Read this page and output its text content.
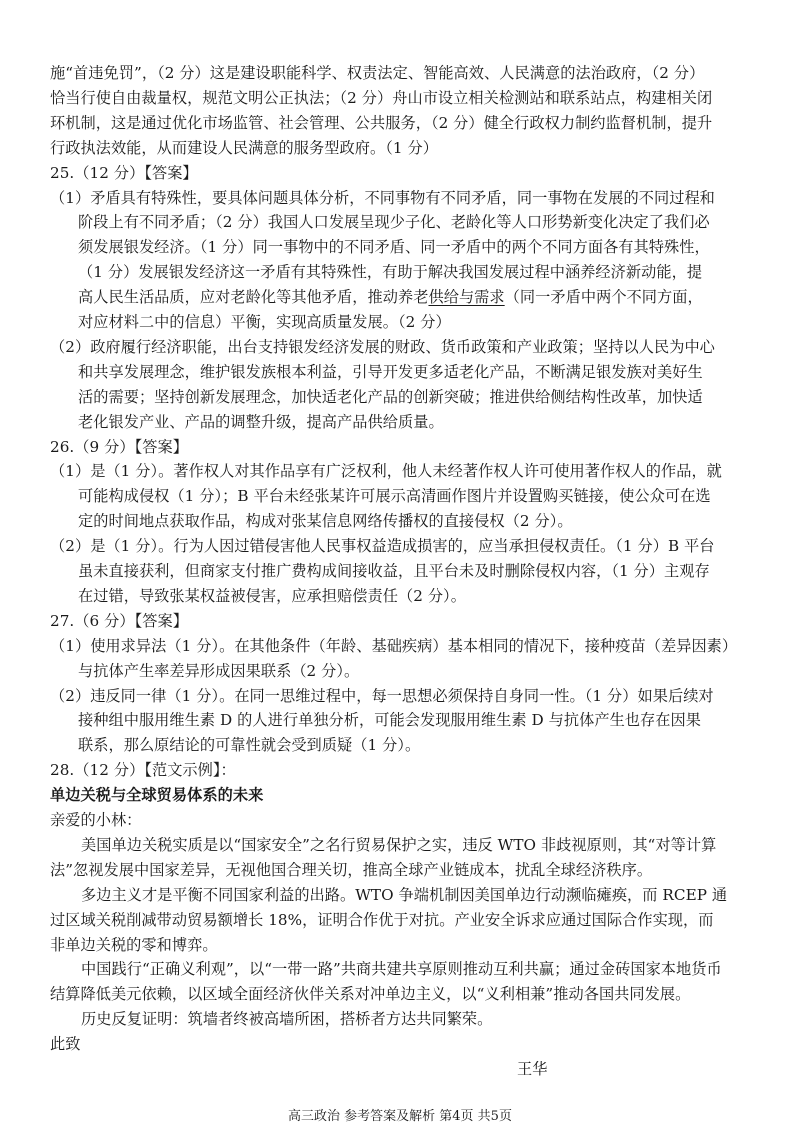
施“首违免罚”，（2 分）这是建设职能科学、权责法定、智能高效、人民满意的法治政府，（2 分）
恰当行使自由裁量权，规范文明公正执法；（2 分）舟山市设立相关检测站和联系站点，构建相关闭
环机制，这是通过优化市场监管、社会管理、公共服务，（2 分）健全行政权力制约监督机制，提升
行政执法效能，从而建设人民满意的服务型政府。（1 分）
25.（12 分）【答案】
（1）矛盾具有特殊性，要具体问题具体分析，不同事物有不同矛盾，同一事物在发展的不同过程和
阶段上有不同矛盾；（2 分）我国人口发展呈现少子化、老龄化等人口形势新变化决定了我们必
须发展银发经济。（1 分）同一事物中的不同矛盾、同一矛盾中的两个不同方面各有其特殊性，
（1 分）发展银发经济这一矛盾有其特殊性，有助于解决我国发展过程中涵养经济新动能，提
高人民生活品质，应对老龄化等其他矛盾，推动养老供给与需求（同一矛盾中两个不同方面，
对应材料二中的信息）平衡，实现高质量发展。（2 分）
（2）政府履行经济职能，出台支持银发经济发展的财政、货币政策和产业政策；坚持以人民为中心
和共享发展理念，维护银发族根本利益，引导开发更多适老化产品，不断满足银发族对美好生
活的需要；坚持创新发展理念，加快适老化产品的创新突破；推进供给侧结构性改革，加快适
老化银发产业、产品的调整升级，提高产品供给质量。
26.（9 分）【答案】
（1）是（1 分）。著作权人对其作品享有广泛权利，他人未经著作权人许可使用著作权人的作品，就
可能构成侵权（1 分）；B 平台未经张某许可展示高清画作图片并设置购买链接，使公众可在选
定的时间地点获取作品，构成对张某信息网络传播权的直接侵权（2 分）。
（2）是（1 分）。行为人因过错侵害他人民事权益造成损害的，应当承担侵权责任。（1 分）B 平台
虽未直接获利，但商家支付推广费构成间接收益，且平台未及时删除侵权内容，（1 分）主观存
在过错，导致张某权益被侵害，应承担赔偿责任（2 分）。
27.（6 分）【答案】
（1）使用求异法（1 分）。在其他条件（年龄、基础疾病）基本相同的情况下，接种疫苗（差异因素）
与抗体产生率差异形成因果联系（2 分）。
（2）违反同一律（1 分）。在同一思维过程中，每一思想必须保持自身同一性。（1 分）如果后续对
接种组中服用维生素 D 的人进行单独分析，可能会发现服用维生素 D 与抗体产生也存在因果
联系，那么原结论的可靠性就会受到质疑（1 分）。
28.（12 分）【范文示例】：
单边关税与全球贸易体系的未来
亲爱的小林：
美国单边关税实质是以“国家安全”之名行贸易保护之实，违反 WTO 非歧视原则，其“对等计算
法”忽视发展中国家差异，无视他国合理关切，推高全球产业链成本，扰乱全球经济秩序。
多边主义才是平衡不同国家利益的出路。WTO 争端机制因美国单边行动濒临瘫痪，而 RCEP 通
过区域关税削减带动贸易额增长 18%，证明合作优于对抗。产业安全诉求应通过国际合作实现，而
非单边关税的零和博弈。
中国践行“正确义利观”，以“一带一路”共商共建共享原则推动互利共赢；通过金砖国家本地货币
结算降低美元依赖，以区域全面经济伙伴关系对冲单边主义，以“义利相兼”推动各国共同发展。
历史反复证明：筑墙者终被高墙所困，搭桥者方达共同繁荣。
此致
王华
高三政治 参考答案及解析 第4页 共5页
